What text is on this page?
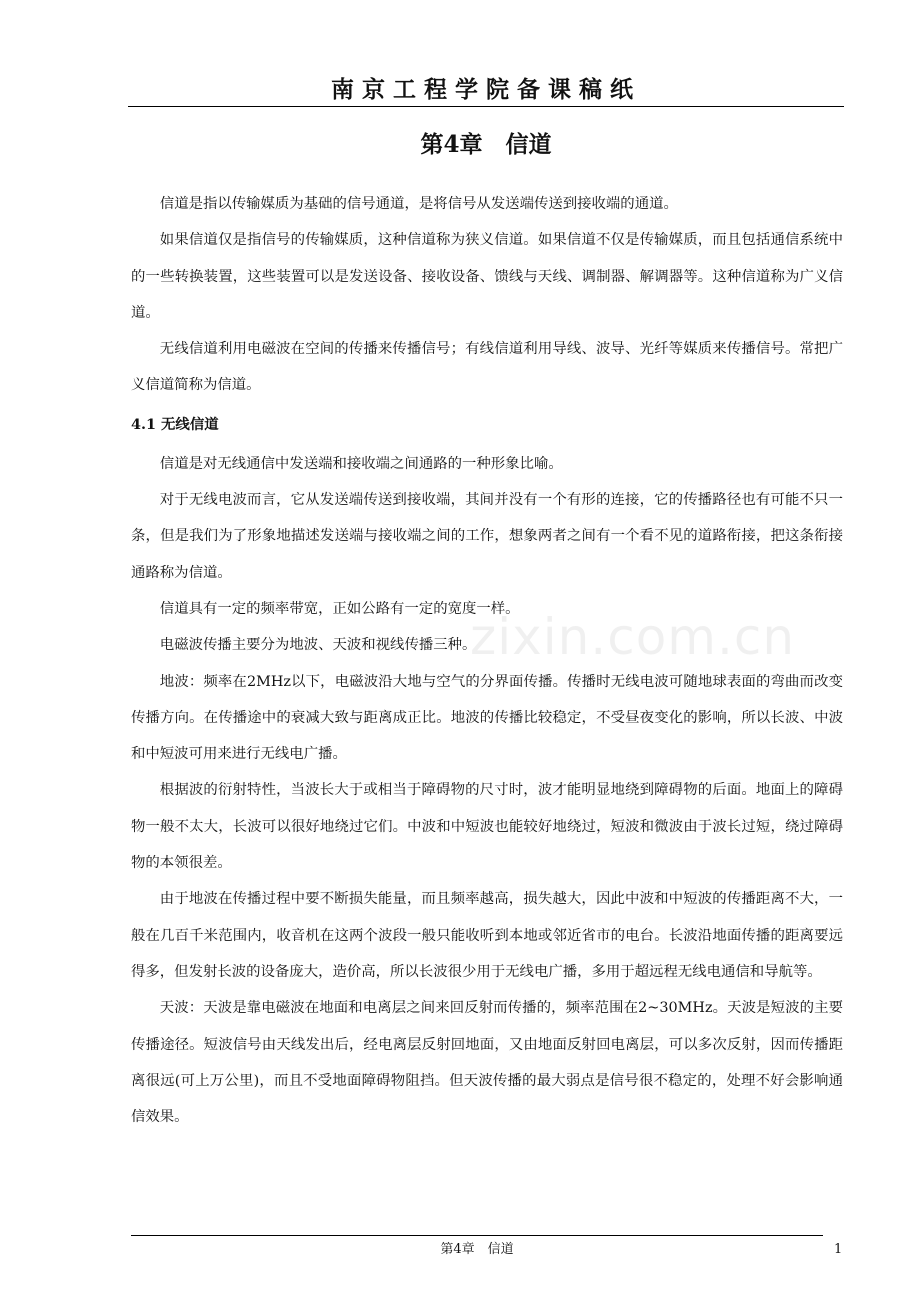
南京工程学院备课稿纸
第4章　信道
zixin.com.cn

信道是指以传输媒质为基础的信号通道，是将信号从发送端传送到接收端的通道。

如果信道仅是指信号的传输媒质，这种信道称为狭义信道。如果信道不仅是传输媒质，而且包括通信系统中的一些转换装置，这些装置可以是发送设备、接收设备、馈线与天线、调制器、解调器等。这种信道称为广义信道。

无线信道利用电磁波在空间的传播来传播信号；有线信道利用导线、波导、光纤等媒质来传播信号。常把广义信道简称为信道。

4.1 无线信道

信道是对无线通信中发送端和接收端之间通路的一种形象比喻。

对于无线电波而言，它从发送端传送到接收端，其间并没有一个有形的连接，它的传播路径也有可能不只一条，但是我们为了形象地描述发送端与接收端之间的工作，想象两者之间有一个看不见的道路衔接，把这条衔接通路称为信道。

信道具有一定的频率带宽，正如公路有一定的宽度一样。

电磁波传播主要分为地波、天波和视线传播三种。

地波：频率在2MHz以下，电磁波沿大地与空气的分界面传播。传播时无线电波可随地球表面的弯曲而改变传播方向。在传播途中的衰减大致与距离成正比。地波的传播比较稳定，不受昼夜变化的影响，所以长波、中波和中短波可用来进行无线电广播。

根据波的衍射特性，当波长大于或相当于障碍物的尺寸时，波才能明显地绕到障碍物的后面。地面上的障碍物一般不太大，长波可以很好地绕过它们。中波和中短波也能较好地绕过，短波和微波由于波长过短，绕过障碍物的本领很差。

由于地波在传播过程中要不断损失能量，而且频率越高，损失越大，因此中波和中短波的传播距离不大，一般在几百千米范围内，收音机在这两个波段一般只能收听到本地或邻近省市的电台。长波沿地面传播的距离要远得多，但发射长波的设备庞大，造价高，所以长波很少用于无线电广播，多用于超远程无线电通信和导航等。

天波：天波是靠电磁波在地面和电离层之间来回反射而传播的，频率范围在2~30MHz。天波是短波的主要传播途径。短波信号由天线发出后，经电离层反射回地面，又由地面反射回电离层，可以多次反射，因而传播距离很远(可上万公里)，而且不受地面障碍物阻挡。但天波传播的最大弱点是信号很不稳定的，处理不好会影响通信效果。

第4章　信道	1
